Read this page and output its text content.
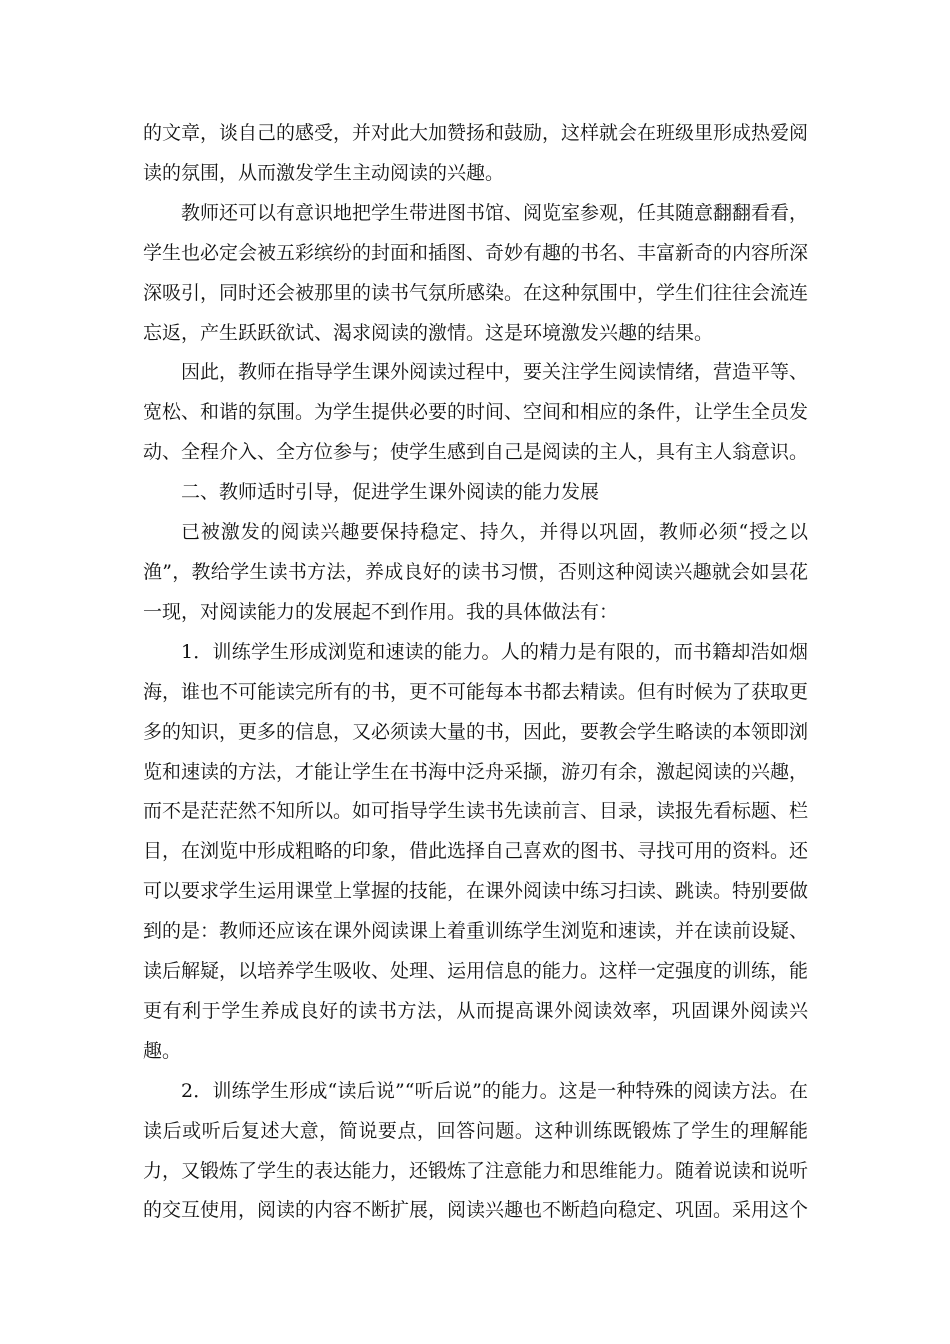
的文章，谈自己的感受，并对此大加赞扬和鼓励，这样就会在班级里形成热爱阅读的氛围，从而激发学生主动阅读的兴趣。

教师还可以有意识地把学生带进图书馆、阅览室参观，任其随意翻翻看看，学生也必定会被五彩缤纷的封面和插图、奇妙有趣的书名、丰富新奇的内容所深深吸引，同时还会被那里的读书气氛所感染。在这种氛围中，学生们往往会流连忘返，产生跃跃欲试、渴求阅读的激情。这是环境激发兴趣的结果。

因此，教师在指导学生课外阅读过程中，要关注学生阅读情绪，营造平等、宽松、和谐的氛围。为学生提供必要的时间、空间和相应的条件，让学生全员发动、全程介入、全方位参与；使学生感到自己是阅读的主人，具有主人翁意识。

二、教师适时引导，促进学生课外阅读的能力发展

已被激发的阅读兴趣要保持稳定、持久，并得以巩固，教师必须“授之以渔”，教给学生读书方法，养成良好的读书习惯，否则这种阅读兴趣就会如昙花一现，对阅读能力的发展起不到作用。我的具体做法有：

1．训练学生形成浏览和速读的能力。人的精力是有限的，而书籍却浩如烟海，谁也不可能读完所有的书，更不可能每本书都去精读。但有时候为了获取更多的知识，更多的信息，又必须读大量的书，因此，要教会学生略读的本领即浏览和速读的方法，才能让学生在书海中泛舟采撷，游刃有余，激起阅读的兴趣，而不是茫茫然不知所以。如可指导学生读书先读前言、目录，读报先看标题、栏目，在浏览中形成粗略的印象，借此选择自己喜欢的图书、寻找可用的资料。还可以要求学生运用课堂上掌握的技能，在课外阅读中练习扫读、跳读。特别要做到的是：教师还应该在课外阅读课上着重训练学生浏览和速读，并在读前设疑、读后解疑，以培养学生吸收、处理、运用信息的能力。这样一定强度的训练，能更有利于学生养成良好的读书方法，从而提高课外阅读效率，巩固课外阅读兴趣。

2．训练学生形成“读后说”“听后说”的能力。这是一种特殊的阅读方法。在读后或听后复述大意，简说要点，回答问题。这种训练既锻炼了学生的理解能力，又锻炼了学生的表达能力，还锻炼了注意能力和思维能力。随着说读和说听的交互使用，阅读的内容不断扩展，阅读兴趣也不断趋向稳定、巩固。采用这个
